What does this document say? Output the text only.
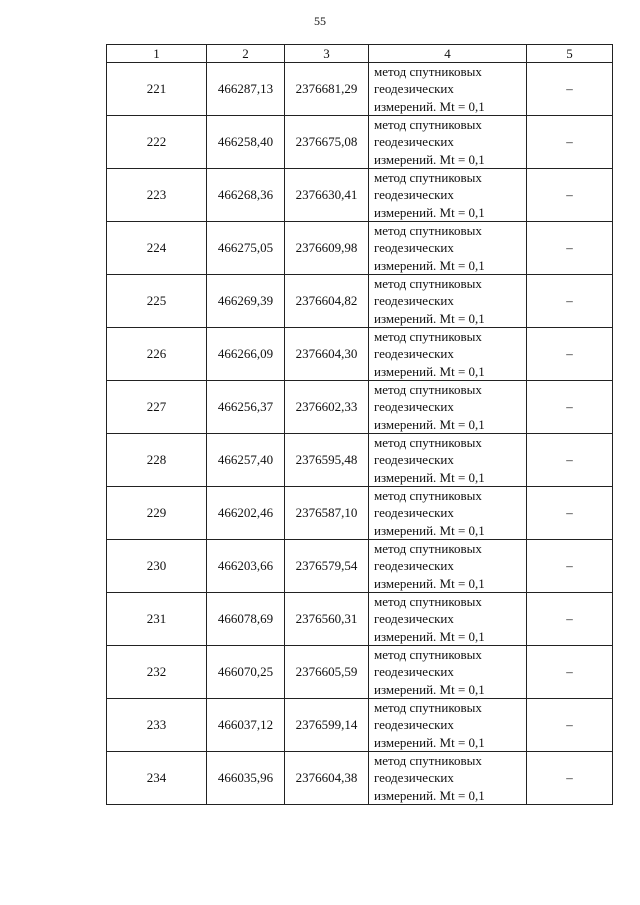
55
1	2	3	4	5
221	466287,13	2376681,29	метод спутниковых
геодезических
измерений. Mt = 0,1	–
222	466258,40	2376675,08	метод спутниковых
геодезических
измерений. Mt = 0,1	–
223	466268,36	2376630,41	метод спутниковых
геодезических
измерений. Mt = 0,1	–
224	466275,05	2376609,98	метод спутниковых
геодезических
измерений. Mt = 0,1	–
225	466269,39	2376604,82	метод спутниковых
геодезических
измерений. Mt = 0,1	–
226	466266,09	2376604,30	метод спутниковых
геодезических
измерений. Mt = 0,1	–
227	466256,37	2376602,33	метод спутниковых
геодезических
измерений. Mt = 0,1	–
228	466257,40	2376595,48	метод спутниковых
геодезических
измерений. Mt = 0,1	–
229	466202,46	2376587,10	метод спутниковых
геодезических
измерений. Mt = 0,1	–
230	466203,66	2376579,54	метод спутниковых
геодезических
измерений. Mt = 0,1	–
231	466078,69	2376560,31	метод спутниковых
геодезических
измерений. Mt = 0,1	–
232	466070,25	2376605,59	метод спутниковых
геодезических
измерений. Mt = 0,1	–
233	466037,12	2376599,14	метод спутниковых
геодезических
измерений. Mt = 0,1	–
234	466035,96	2376604,38	метод спутниковых
геодезических
измерений. Mt = 0,1	–
